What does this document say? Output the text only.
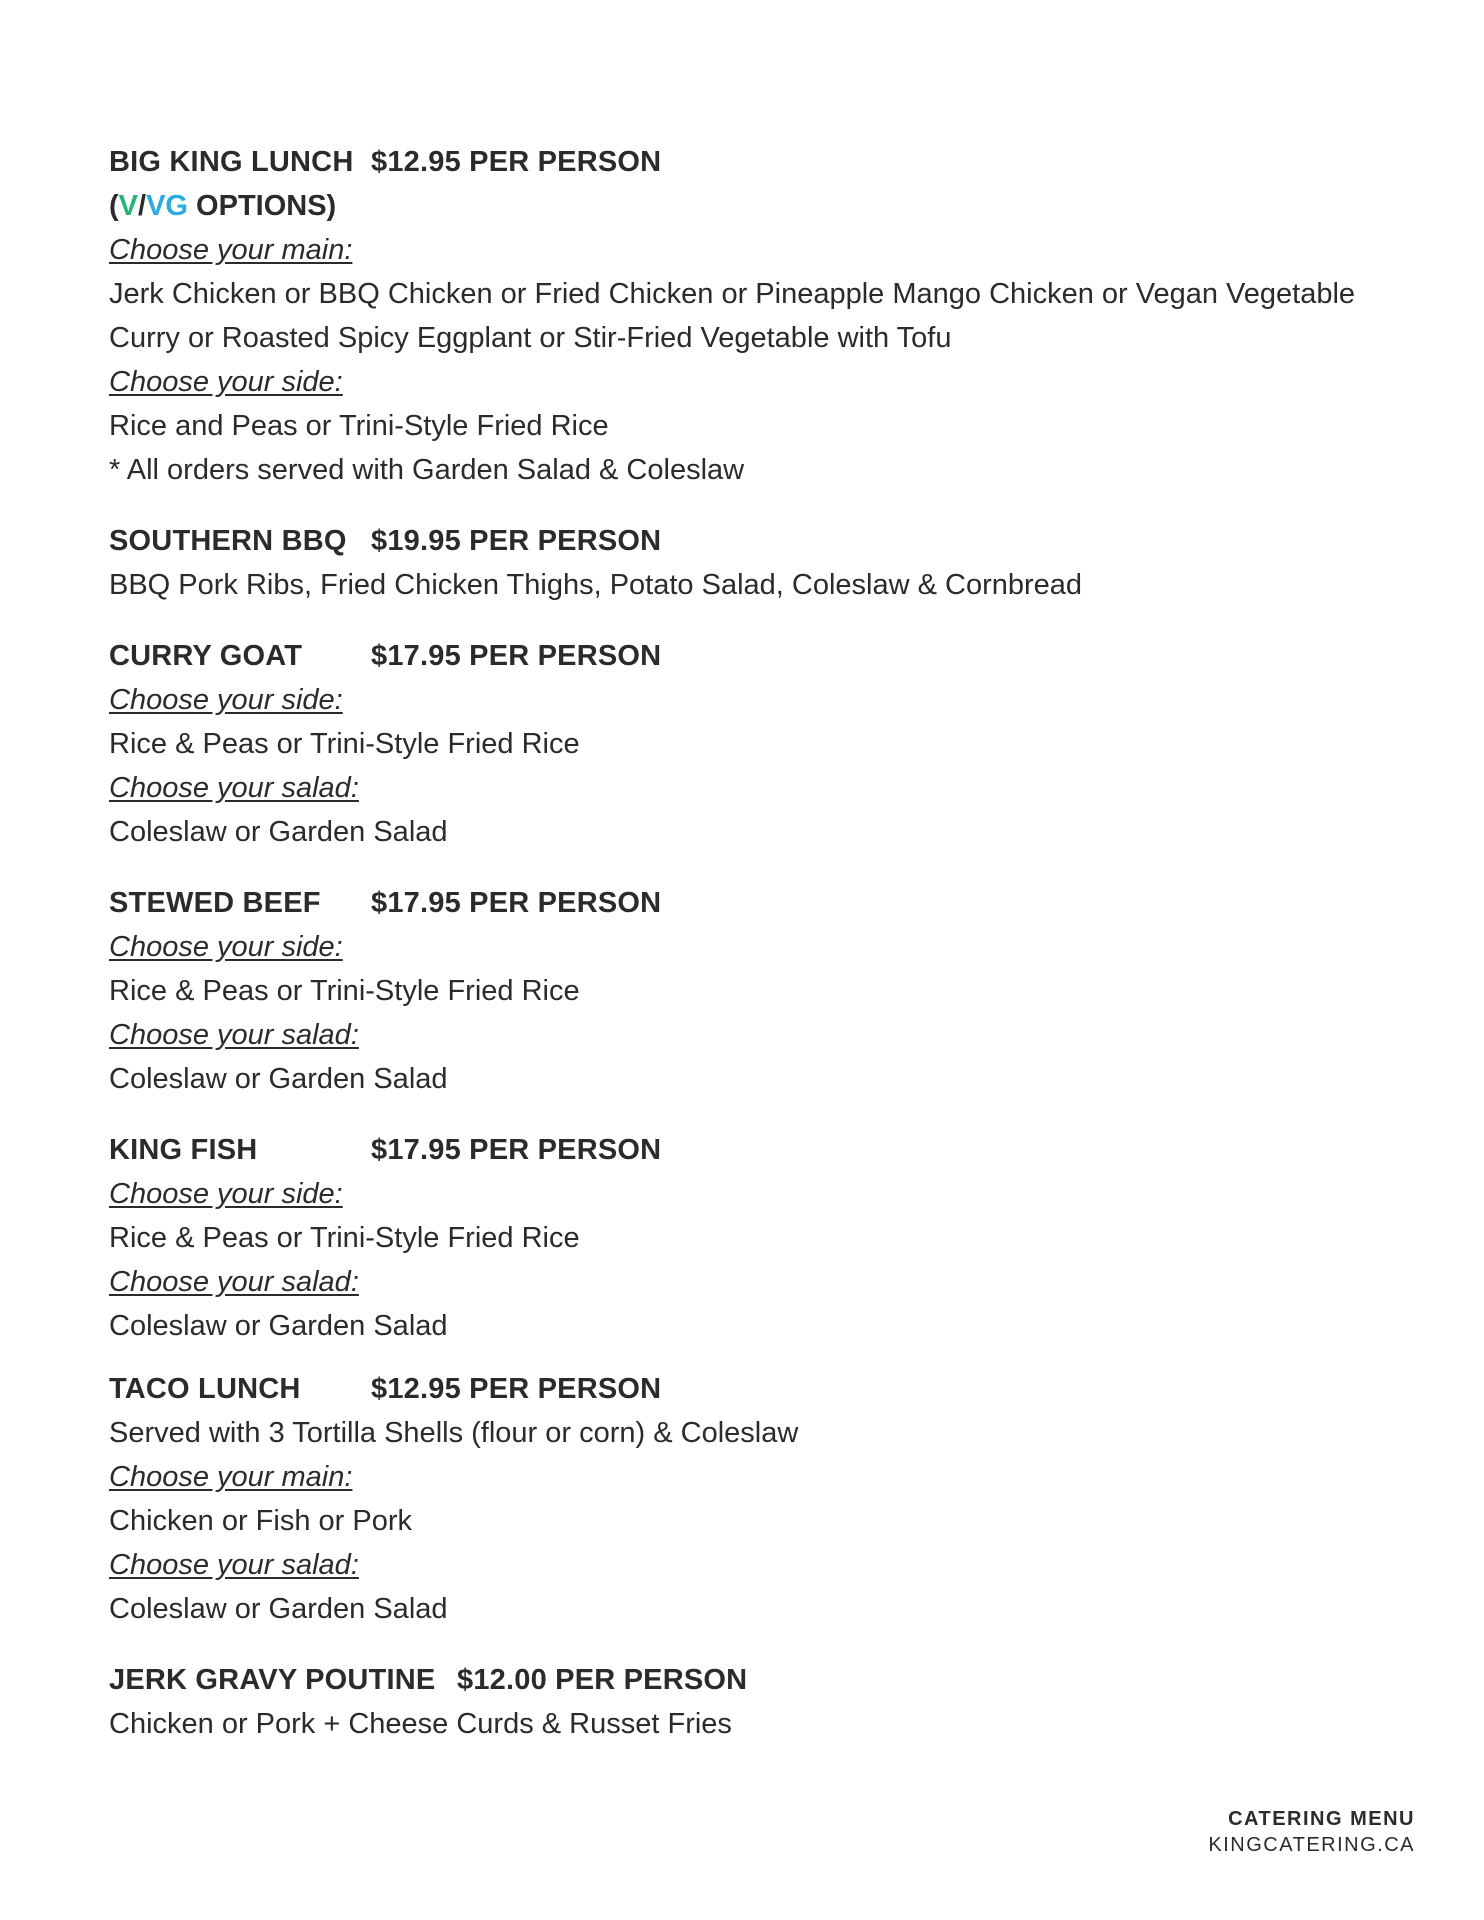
BIG KING LUNCH $12.95 PER PERSON
(V/VG OPTIONS)
Choose your main:
Jerk Chicken or BBQ Chicken or Fried Chicken or Pineapple Mango Chicken or Vegan Vegetable
Curry or Roasted Spicy Eggplant or Stir-Fried Vegetable with Tofu
Choose your side:
Rice and Peas or Trini-Style Fried Rice
* All orders served with Garden Salad & Coleslaw
SOUTHERN BBQ $19.95 PER PERSON
BBQ Pork Ribs, Fried Chicken Thighs, Potato Salad, Coleslaw & Cornbread
CURRY GOAT $17.95 PER PERSON
Choose your side:
Rice & Peas or Trini-Style Fried Rice
Choose your salad:
Coleslaw or Garden Salad
STEWED BEEF $17.95 PER PERSON
Choose your side:
Rice & Peas or Trini-Style Fried Rice
Choose your salad:
Coleslaw or Garden Salad
KING FISH	$17.95 PER PERSON
Choose your side:
Rice & Peas or Trini-Style Fried Rice
Choose your salad:
Coleslaw or Garden Salad
TACO LUNCH $12.95 PER PERSON
Served with 3 Tortilla Shells (flour or corn) & Coleslaw
Choose your main:
Chicken or Fish or Pork
Choose your salad:
Coleslaw or Garden Salad
JERK GRAVY POUTINE $12.00 PER PERSON
Chicken or Pork + Cheese Curds & Russet Fries
CATERING MENU
KINGCATERING.CA
